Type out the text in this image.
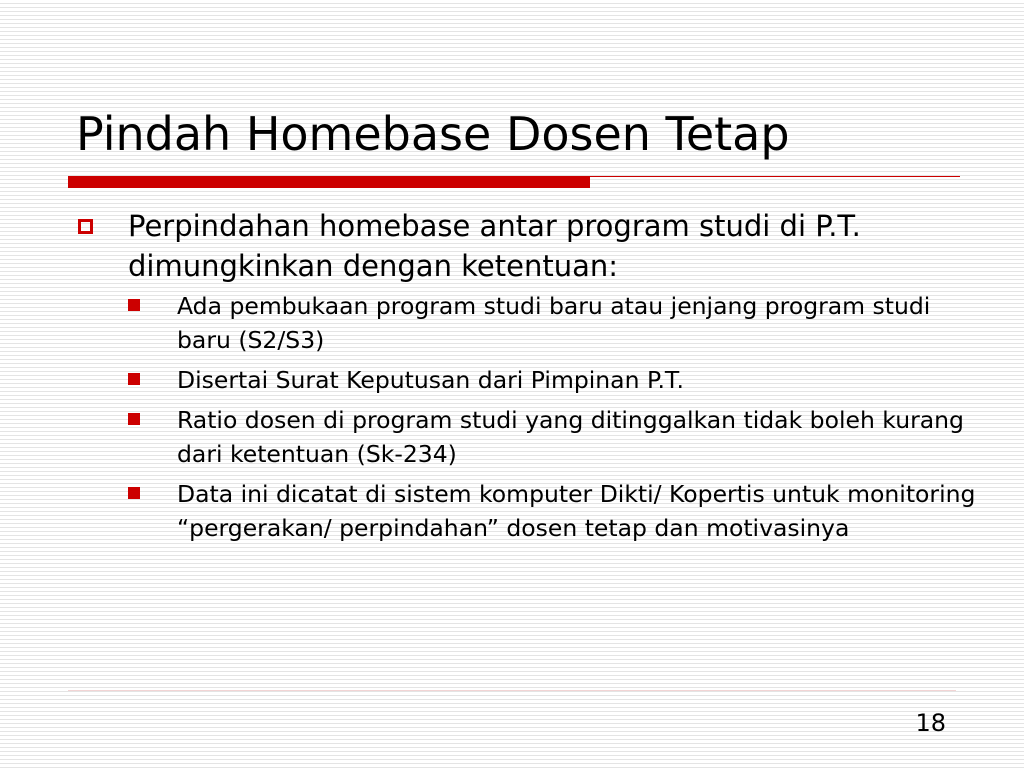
Pindah Homebase Dosen Tetap
Perpindahan homebase antar program studi di P.T. dimungkinkan dengan ketentuan:
Ada pembukaan program studi baru atau jenjang program studi baru (S2/S3)
Disertai Surat Keputusan dari Pimpinan P.T.
Ratio dosen di program studi yang ditinggalkan tidak boleh kurang dari ketentuan (Sk-234)
Data ini dicatat di sistem komputer Dikti/ Kopertis untuk monitoring “pergerakan/ perpindahan” dosen tetap dan motivasinya
18
